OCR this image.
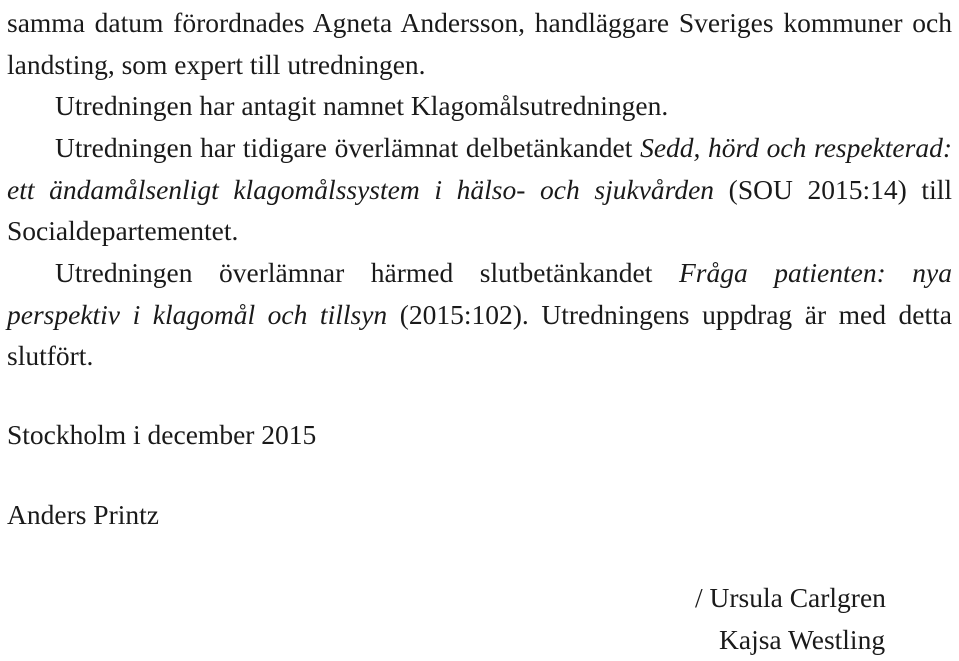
samma datum förordnades Agneta Andersson, handläggare Sveriges kommuner och landsting, som expert till utredningen.

Utredningen har antagit namnet Klagomålsutredningen.

Utredningen har tidigare överlämnat delbetänkandet Sedd, hörd och respekterad: ett ändamålsenligt klagomålssystem i hälso- och sjukvården (SOU 2015:14) till Socialdepartementet.

Utredningen överlämnar härmed slutbetänkandet Fråga patienten: nya perspektiv i klagomål och tillsyn (2015:102). Utredningens uppdrag är med detta slutfört.

Stockholm i december 2015

Anders Printz

/ Ursula Carlgren
Kajsa Westling
